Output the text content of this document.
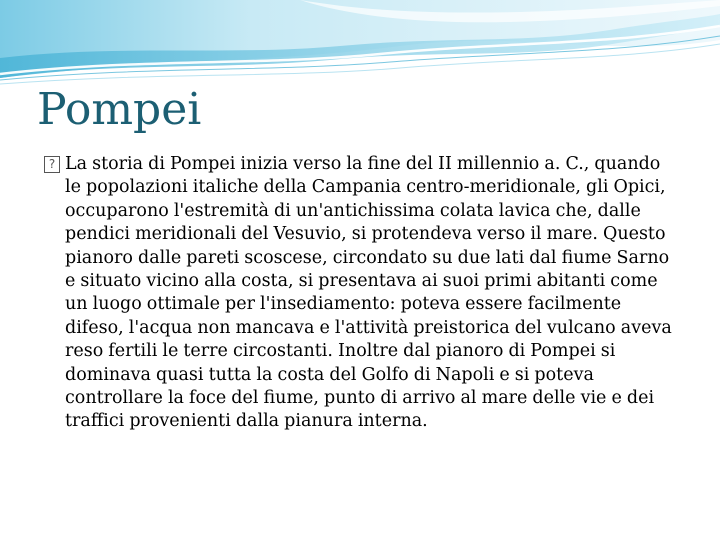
Pompei
? La storia di Pompei inizia verso la fine del II millennio a. C., quando le popolazioni italiche della Campania centro-meridionale, gli Opici, occuparono l'estremità di un'antichissima colata lavica che, dalle pendici meridionali del Vesuvio, si protendeva verso il mare. Questo pianoro dalle pareti scoscese, circondato su due lati dal fiume Sarno e situato vicino alla costa, si presentava ai suoi primi abitanti come un luogo ottimale per l'insediamento: poteva essere facilmente difeso, l'acqua non mancava e l'attività preistorica del vulcano aveva reso fertili le terre circostanti. Inoltre dal pianoro di Pompei si dominava quasi tutta la costa del Golfo di Napoli e si poteva controllare la foce del fiume, punto di arrivo al mare delle vie e dei traffici provenienti dalla pianura interna.
